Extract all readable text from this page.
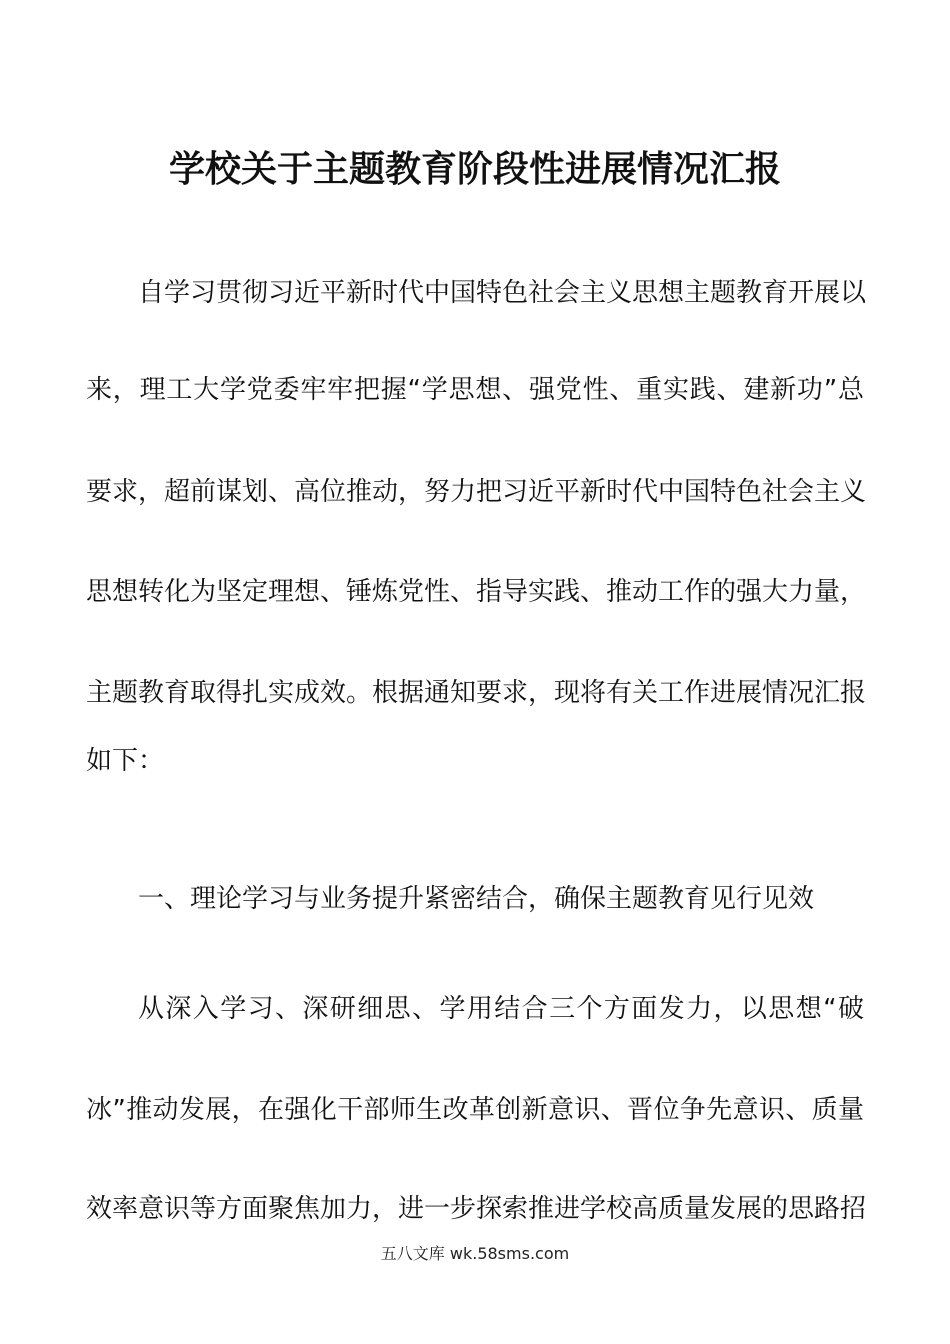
学校关于主题教育阶段性进展情况汇报
自学习贯彻习近平新时代中国特色社会主义思想主题教育开展以
来，理工大学党委牢牢把握“学思想、强党性、重实践、建新功”总
要求，超前谋划、高位推动，努力把习近平新时代中国特色社会主义
思想转化为坚定理想、锤炼党性、指导实践、推动工作的强大力量，
主题教育取得扎实成效。根据通知要求，现将有关工作进展情况汇报
如下：
一、理论学习与业务提升紧密结合，确保主题教育见行见效
从深入学习、深研细思、学用结合三个方面发力，以思想“破
冰”推动发展，在强化干部师生改革创新意识、晋位争先意识、质量
效率意识等方面聚焦加力，进一步探索推进学校高质量发展的思路招
五八文库 wk.58sms.com
